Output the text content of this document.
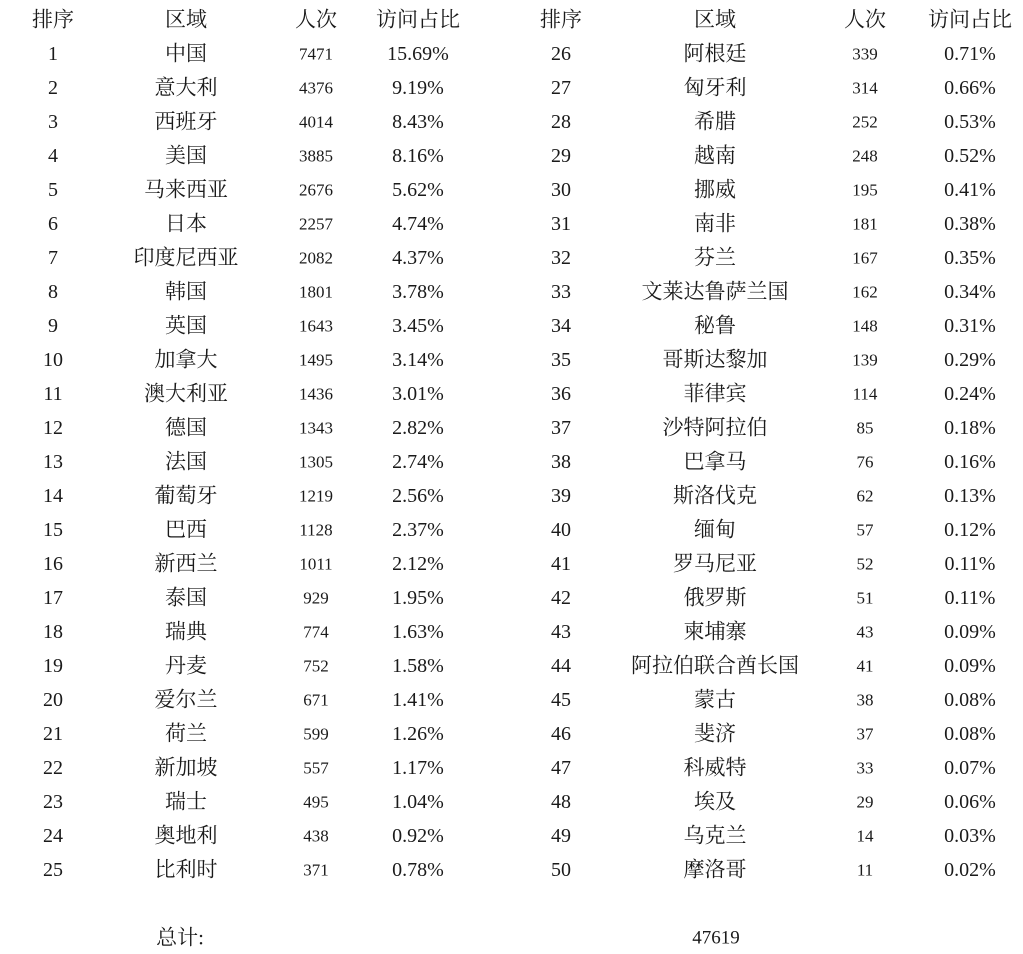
排序	区域	人次 访问占比
1	中国	7471	15.69%
2	意大利	4376	9.19%
3	西班牙	4014	8.43%
4	美国	3885	8.16%
5	马来西亚	2676	5.62%
6	日本	2257	4.74%
7	印度尼西亚	2082	4.37%
8	韩国	1801	3.78%
9	英国	1643	3.45%
10	加拿大	1495	3.14%
11	澳大利亚	1436	3.01%
12	德国	1343	2.82%
13	法国	1305	2.74%
14	葡萄牙	1219	2.56%
15	巴西	1128	2.37%
16	新西兰	1011	2.12%
17	泰国	929	1.95%
18	瑞典	774	1.63%
19	丹麦	752	1.58%
20	爱尔兰	671	1.41%
21	荷兰	599	1.26%
22	新加坡	557	1.17%
23	瑞士	495	1.04%
24	奥地利	438	0.92%
25	比利时	371	0.78%
排序	区域	人次 访问占比
26	阿根廷	339	0.71%
27	匈牙利	314	0.66%
28	希腊	252	0.53%
29	越南	248	0.52%
30	挪威	195	0.41%
31	南非	181	0.38%
32	芬兰	167	0.35%
33	文莱达鲁萨兰国	162	0.34%
34	秘鲁	148	0.31%
35	哥斯达黎加	139	0.29%
36	菲律宾	114	0.24%
37	沙特阿拉伯	85	0.18%
38	巴拿马	76	0.16%
39	斯洛伐克	62	0.13%
40	缅甸	57	0.12%
41	罗马尼亚	52	0.11%
42	俄罗斯	51	0.11%
43	柬埔寨	43	0.09%
44	阿拉伯联合酋长国	41	0.09%
45	蒙古	38	0.08%
46	斐济	37	0.08%
47	科威特	33	0.07%
48	埃及	29	0.06%
49	乌克兰	14	0.03%
50	摩洛哥	11	0.02%
总计:	47619
